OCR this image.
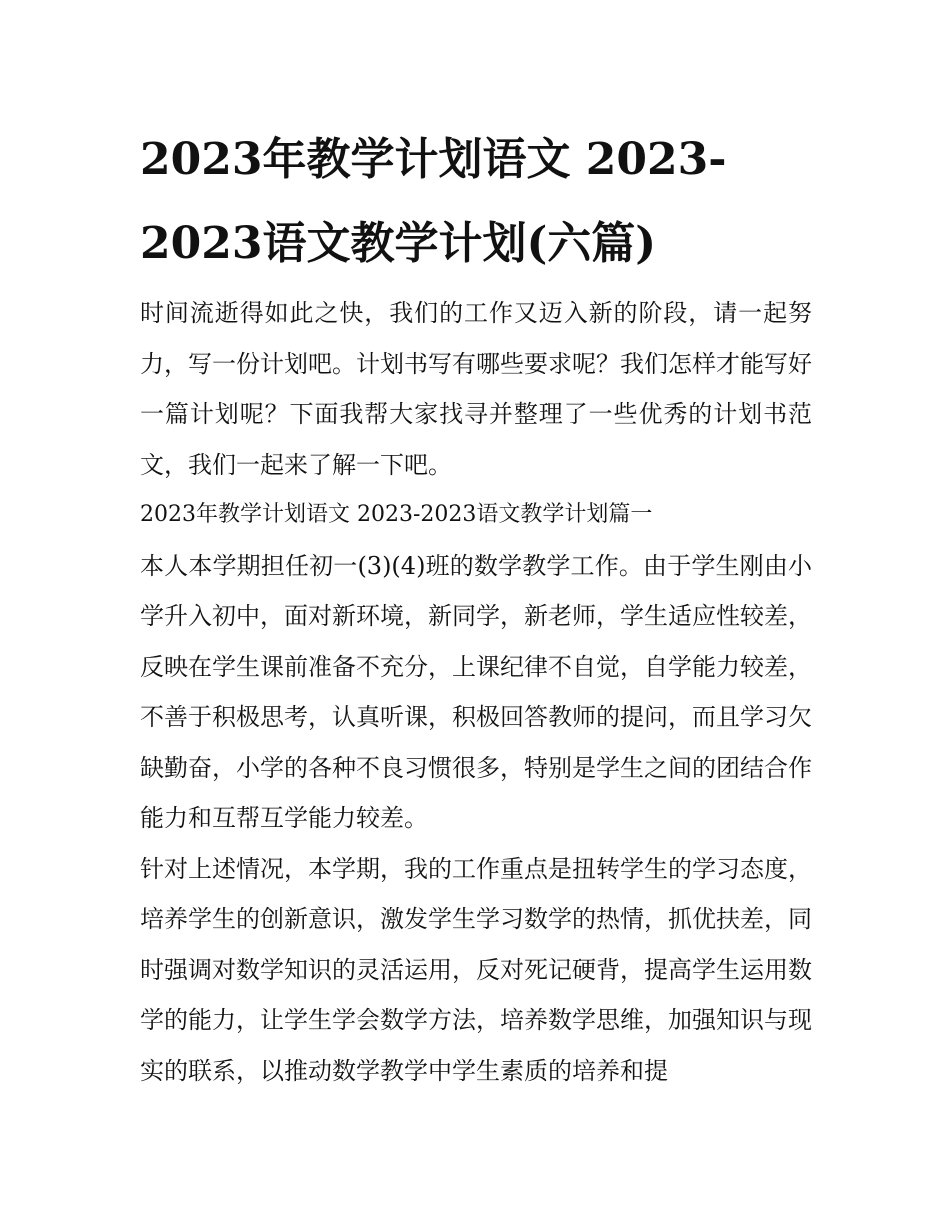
2023年教学计划语文 2023-2023语文教学计划(六篇)

时间流逝得如此之快，我们的工作又迈入新的阶段，请一起努力，写一份计划吧。计划书写有哪些要求呢？我们怎样才能写好一篇计划呢？下面我帮大家找寻并整理了一些优秀的计划书范文，我们一起来了解一下吧。

2023年教学计划语文 2023-2023语文教学计划篇一

本人本学期担任初一(3)(4)班的数学教学工作。由于学生刚由小学升入初中，面对新环境，新同学，新老师，学生适应性较差，反映在学生课前准备不充分，上课纪律不自觉，自学能力较差，不善于积极思考，认真听课，积极回答教师的提问，而且学习欠缺勤奋，小学的各种不良习惯很多，特别是学生之间的团结合作能力和互帮互学能力较差。

针对上述情况，本学期，我的工作重点是扭转学生的学习态度，培养学生的创新意识，激发学生学习数学的热情，抓优扶差，同时强调对数学知识的灵活运用，反对死记硬背，提高学生运用数学的能力，让学生学会数学方法，培养数学思维，加强知识与现实的联系，以推动数学教学中学生素质的培养和提
